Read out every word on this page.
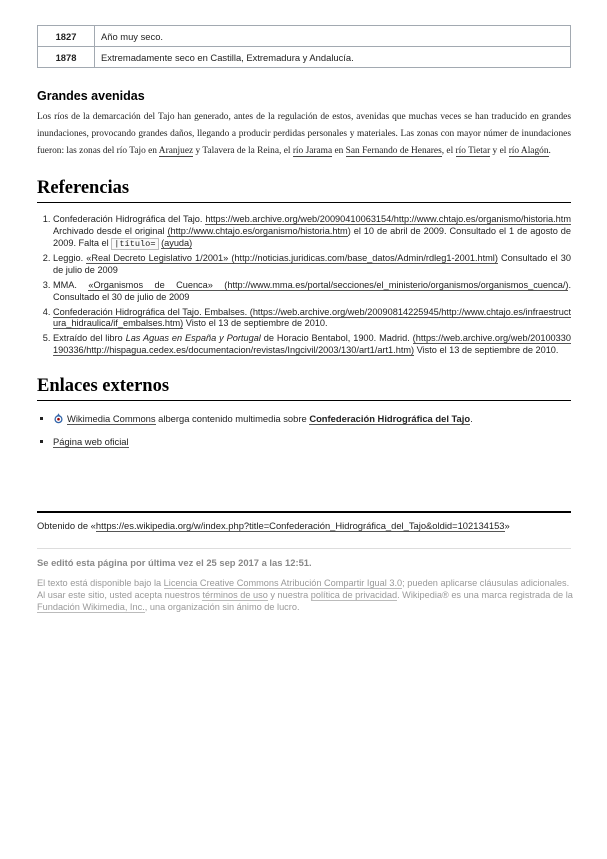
1827	Año muy seco.
1878	Extremadamente seco en Castilla, Extremadura y Andalucía.
Grandes avenidas

Los ríos de la demarcación del Tajo han generado, antes de la regulación de estos, avenidas que muchas veces se han traducido en grandes inundaciones, provocando grandes daños, llegando a producir perdidas personales y materiales. Las zonas con mayor númer de inundaciones fueron: las zonas del río Tajo en Aranjuez y Talavera de la Reina, el río Jarama en San Fernando de Henares, el río Tietar y el río Alagón.

Referencias
1. Confederación Hidrográfica del Tajo. https://web.archive.org/web/20090410063154/http://www.chtajo.es/organismo/historia.htm Archivado desde el original (http://www.chtajo.es/organismo/historia.htm) el 10 de abril de 2009. Consultado el 1 de agosto de 2009. Falta el |título= (ayuda)
2. Leggio. «Real Decreto Legislativo 1/2001» (http://noticias.juridicas.com/base_datos/Admin/rdleg1-2001.html) Consultado el 30 de julio de 2009
3. MMA. «Organismos de Cuenca» (http://www.mma.es/portal/secciones/el_ministerio/organismos/organismos_cuenca/). Consultado el 30 de julio de 2009
4. Confederación Hidrográfica del Tajo. Embalses. (https://web.archive.org/web/20090814225945/http://www.chtajo.es/infraestructura_hidraulica/if_embalses.htm) Visto el 13 de septiembre de 2010.
5. Extraído del libro Las Aguas en España y Portugal de Horacio Bentabol, 1900. Madrid. (https://web.archive.org/web/20100330190336/http://hispagua.cedex.es/documentacion/revistas/Ingcivil/2003/130/art1/art1.htm) Visto el 13 de septiembre de 2010.
Enlaces externos
▪ Wikimedia Commons alberga contenido multimedia sobre Confederación Hidrográfica del Tajo.
▪ Página web oficial
Obtenido de «https://es.wikipedia.org/w/index.php?title=Confederación_Hidrográfica_del_Tajo&oldid=102134153»
Se editó esta página por última vez el 25 sep 2017 a las 12:51.
El texto está disponible bajo la Licencia Creative Commons Atribución Compartir Igual 3.0; pueden aplicarse cláusulas adicionales. Al usar este sitio, usted acepta nuestros términos de uso y nuestra política de privacidad. Wikipedia® es una marca registrada de la Fundación Wikimedia, Inc., una organización sin ánimo de lucro.
